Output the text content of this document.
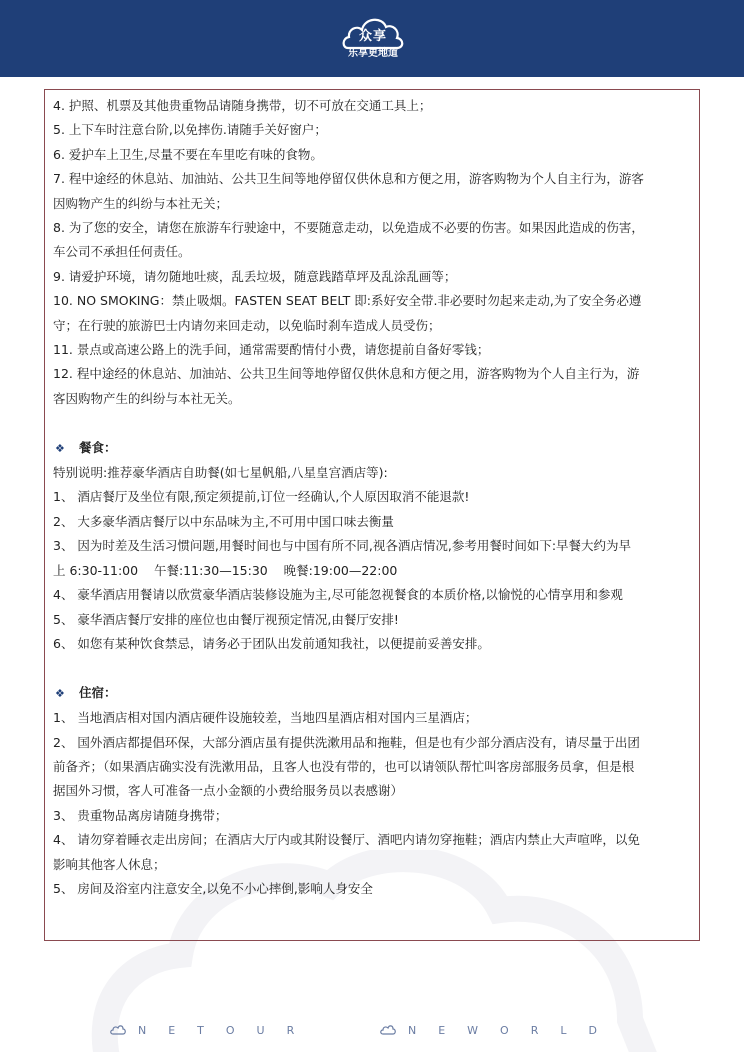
众享
乐享更地道
4. 护照、机票及其他贵重物品请随身携带，切不可放在交通工具上；
5. 上下车时注意台阶,以免摔伤.请随手关好窗户；
6. 爱护车上卫生,尽量不要在车里吃有味的食物。
7. 程中途经的休息站、加油站、公共卫生间等地停留仅供休息和方便之用，游客购物为个人自主行为，游客
因购物产生的纠纷与本社无关；
8. 为了您的安全，请您在旅游车行驶途中，不要随意走动，以免造成不必要的伤害。如果因此造成的伤害，
车公司不承担任何责任。
9. 请爱护环境，请勿随地吐痰，乱丢垃圾，随意践踏草坪及乱涂乱画等；
10. NO SMOKING：禁止吸烟。FASTEN SEAT BELT 即:系好安全带.非必要时勿起来走动,为了安全务必遵
守；在行驶的旅游巴士内请勿来回走动，以免临时刹车造成人员受伤；
11. 景点或高速公路上的洗手间，通常需要酌情付小费，请您提前自备好零钱；
12. 程中途经的休息站、加油站、公共卫生间等地停留仅供休息和方便之用，游客购物为个人自主行为，游
客因购物产生的纠纷与本社无关。
❖ 餐食：
特别说明:推荐豪华酒店自助餐(如七星帆船,八星皇宫酒店等):
1、 酒店餐厅及坐位有限,预定须提前,订位一经确认,个人原因取消不能退款!
2、 大多豪华酒店餐厅以中东品味为主,不可用中国口味去衡量
3、 因为时差及生活习惯问题,用餐时间也与中国有所不同,视各酒店情况,参考用餐时间如下:早餐大约为早
上 6:30-11:00    午餐:11:30—15:30    晚餐:19:00—22:00
4、 豪华酒店用餐请以欣赏豪华酒店装修设施为主,尽可能忽视餐食的本质价格,以愉悦的心情享用和参观
5、 豪华酒店餐厅安排的座位也由餐厅视预定情况,由餐厅安排!
6、 如您有某种饮食禁忌，请务必于团队出发前通知我社，以便提前妥善安排。
❖ 住宿：
1、 当地酒店相对国内酒店硬件设施较差，当地四星酒店相对国内三星酒店；
2、 国外酒店都提倡环保，大部分酒店虽有提供洗漱用品和拖鞋，但是也有少部分酒店没有，请尽量于出团
前备齐；（如果酒店确实没有洗漱用品，且客人也没有带的，也可以请领队帮忙叫客房部服务员拿，但是根
据国外习惯，客人可准备一点小金额的小费给服务员以表感谢）
3、 贵重物品离房请随身携带；
4、 请勿穿着睡衣走出房间；在酒店大厅内或其附设餐厅、酒吧内请勿穿拖鞋；酒店内禁止大声喧哗，以免
影响其他客人休息；
5、 房间及浴室内注意安全,以免不小心摔倒,影响人身安全
NETOUR	NEWORLD
